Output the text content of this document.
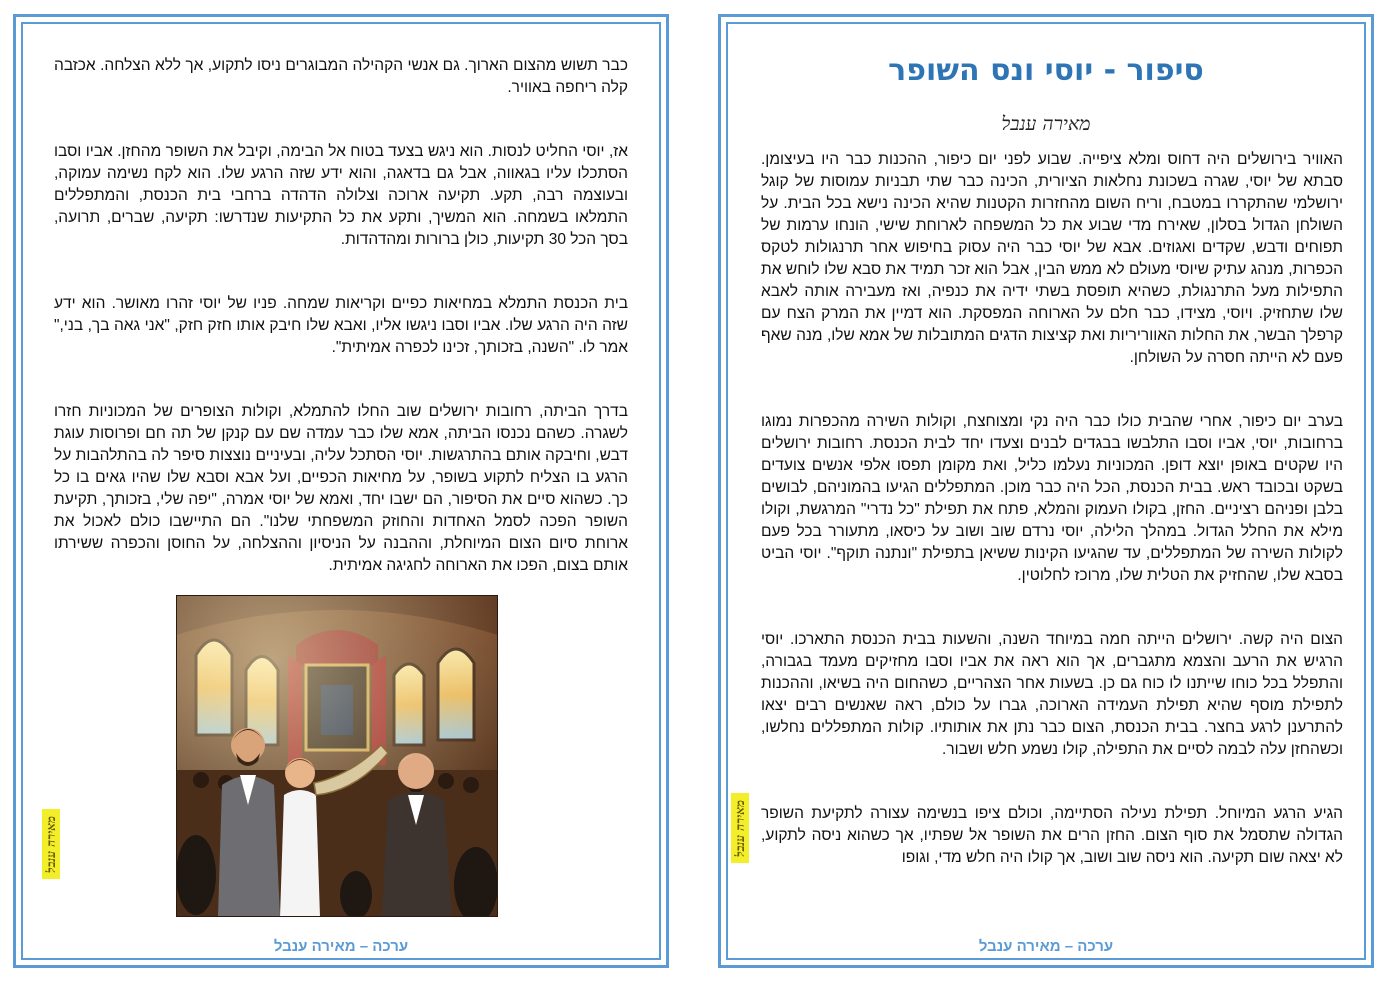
כבר תשוש מהצום הארוך. גם אנשי הקהילה המבוגרים ניסו לתקוע, אך ללא הצלחה. אכזבה קלה ריחפה באוויר.

אז, יוסי החליט לנסות. הוא ניגש בצעד בטוח אל הבימה, וקיבל את השופר מהחזן. אביו וסבו הסתכלו עליו בגאווה, אבל גם בדאגה, והוא ידע שזה הרגע שלו. הוא לקח נשימה עמוקה, ובעוצמה רבה, תקע. תקיעה ארוכה וצלולה הדהדה ברחבי בית הכנסת, והמתפללים התמלאו בשמחה. הוא המשיך, ותקע את כל התקיעות שנדרשו: תקיעה, שברים, תרועה, בסך הכל 30 תקיעות, כולן ברורות ומהדהדות.

בית הכנסת התמלא במחיאות כפיים וקריאות שמחה. פניו של יוסי זהרו מאושר. הוא ידע שזה היה הרגע שלו. אביו וסבו ניגשו אליו, ואבא שלו חיבק אותו חזק חזק, "אני גאה בך, בני," אמר לו. "השנה, בזכותך, זכינו לכפרה אמיתית".

בדרך הביתה, רחובות ירושלים שוב החלו להתמלא, וקולות הצופרים של המכוניות חזרו לשגרה. כשהם נכנסו הביתה, אמא שלו כבר עמדה שם עם קנקן של תה חם ופרוסות עוגת דבש, וחיבקה אותם בהתרגשות. יוסי הסתכל עליה, ובעיניים נוצצות סיפר לה בהתלהבות על הרגע בו הצליח לתקוע בשופר, על מחיאות הכפיים, ועל אבא וסבא שלו שהיו גאים בו כל כך. כשהוא סיים את הסיפור, הם ישבו יחד, ואמא של יוסי אמרה, "יפה שלי, בזכותך, תקיעת השופר הפכה לסמל האחדות והחוזק המשפחתי שלנו". הם התיישבו כולם לאכול את ארוחת סיום הצום המיוחלת, וההבנה על הניסיון וההצלחה, על החוסן והכפרה ששירתו אותם בצום, הפכו את הארוחה לחגיגה אמיתית.

מאירה ענבל
ערכה – מאירה ענבל
סיפור - יוסי ונס השופר
מאירה ענבל

האוויר בירושלים היה דחוס ומלא ציפייה. שבוע לפני יום כיפור, ההכנות כבר היו בעיצומן. סבתא של יוסי, שגרה בשכונת נחלאות הציורית, הכינה כבר שתי תבניות עמוסות של קוגל ירושלמי שהתקררו במטבח, וריח השום מהחזרות הקטנות שהיא הכינה נישא בכל הבית. על השולחן הגדול בסלון, שאירח מדי שבוע את כל המשפחה לארוחת שישי, הונחו ערמות של תפוחים ודבש, שקדים ואגוזים. אבא של יוסי כבר היה עסוק בחיפוש אחר תרנגולות לטקס הכפרות, מנהג עתיק שיוסי מעולם לא ממש הבין, אבל הוא זכר תמיד את סבא שלו לוחש את התפילות מעל התרנגולת, כשהיא תופסת בשתי ידיה את כנפיה, ואז מעבירה אותה לאבא שלו שתחזיק. ויוסי, מצידו, כבר חלם על הארוחה המפסקת. הוא דמיין את המרק הצח עם קרפלך הבשר, את החלות האווריריות ואת קציצות הדגים המתובלות של אמא שלו, מנה שאף פעם לא הייתה חסרה על השולחן.

בערב יום כיפור, אחרי שהבית כולו כבר היה נקי ומצוחצח, וקולות השירה מהכפרות נמוגו ברחובות, יוסי, אביו וסבו התלבשו בבגדים לבנים וצעדו יחד לבית הכנסת. רחובות ירושלים היו שקטים באופן יוצא דופן. המכוניות נעלמו כליל, ואת מקומן תפסו אלפי אנשים צועדים בשקט ובכובד ראש. בבית הכנסת, הכל היה כבר מוכן. המתפללים הגיעו בהמוניהם, לבושים בלבן ופניהם רציניים. החזן, בקולו העמוק והמלא, פתח את תפילת "כל נדרי" המרגשת, וקולו מילא את החלל הגדול. במהלך הלילה, יוסי נרדם שוב ושוב על כיסאו, מתעורר בכל פעם לקולות השירה של המתפללים, עד שהגיעו הקינות ששיאן בתפילת "ונתנה תוקף". יוסי הביט בסבא שלו, שהחזיק את הטלית שלו, מרוכז לחלוטין.

הצום היה קשה. ירושלים הייתה חמה במיוחד השנה, והשעות בבית הכנסת התארכו. יוסי הרגיש את הרעב והצמא מתגברים, אך הוא ראה את אביו וסבו מחזיקים מעמד בגבורה, והתפלל בכל כוחו שייתנו לו כוח גם כן. בשעות אחר הצהריים, כשהחום היה בשיאו, וההכנות לתפילת מוסף שהיא תפילת העמידה הארוכה, גברו על כולם, ראה שאנשים רבים יצאו להתרענן לרגע בחצר. בבית הכנסת, הצום כבר נתן את אותותיו. קולות המתפללים נחלשו, וכשהחזן עלה לבמה לסיים את התפילה, קולו נשמע חלש ושבור.

הגיע הרגע המיוחל. תפילת נעילה הסתיימה, וכולם ציפו בנשימה עצורה לתקיעת השופר הגדולה שתסמל את סוף הצום. החזן הרים את השופר אל שפתיו, אך כשהוא ניסה לתקוע, לא יצאה שום תקיעה. הוא ניסה שוב ושוב, אך קולו היה חלש מדי, וגופו

מאירה ענבל
ערכה – מאירה ענבל
